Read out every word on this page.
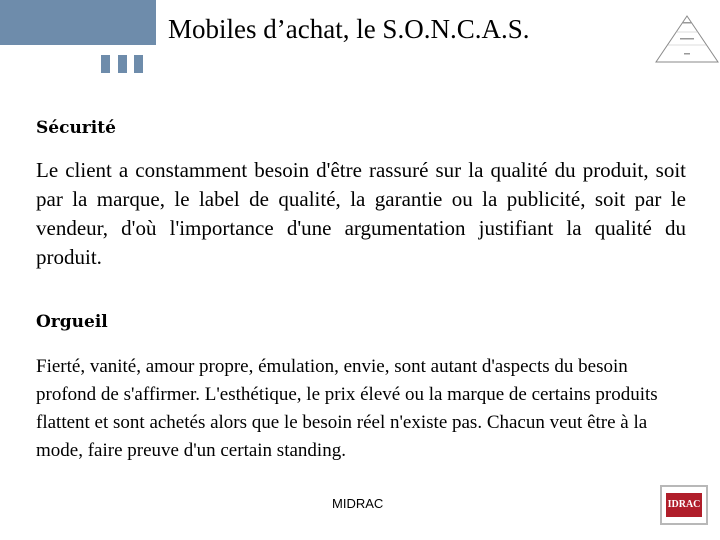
Mobiles d’achat, le S.O.N.C.A.S.
Sécurité

Le client a constamment besoin d'être rassuré sur la qualité du produit, soit par la marque, le label de qualité, la garantie ou la publicité, soit par le vendeur, d'où l'importance d'une argumentation justifiant la qualité du produit.

Orgueil

Fierté, vanité, amour propre, émulation, envie, sont autant d'aspects du besoin profond de s'affirmer. L'esthétique, le prix élevé ou la marque de certains produits flattent et sont achetés alors que le besoin réel n'existe pas. Chacun veut être à la mode, faire preuve d'un certain standing.

MIDRAC	IDRAC
